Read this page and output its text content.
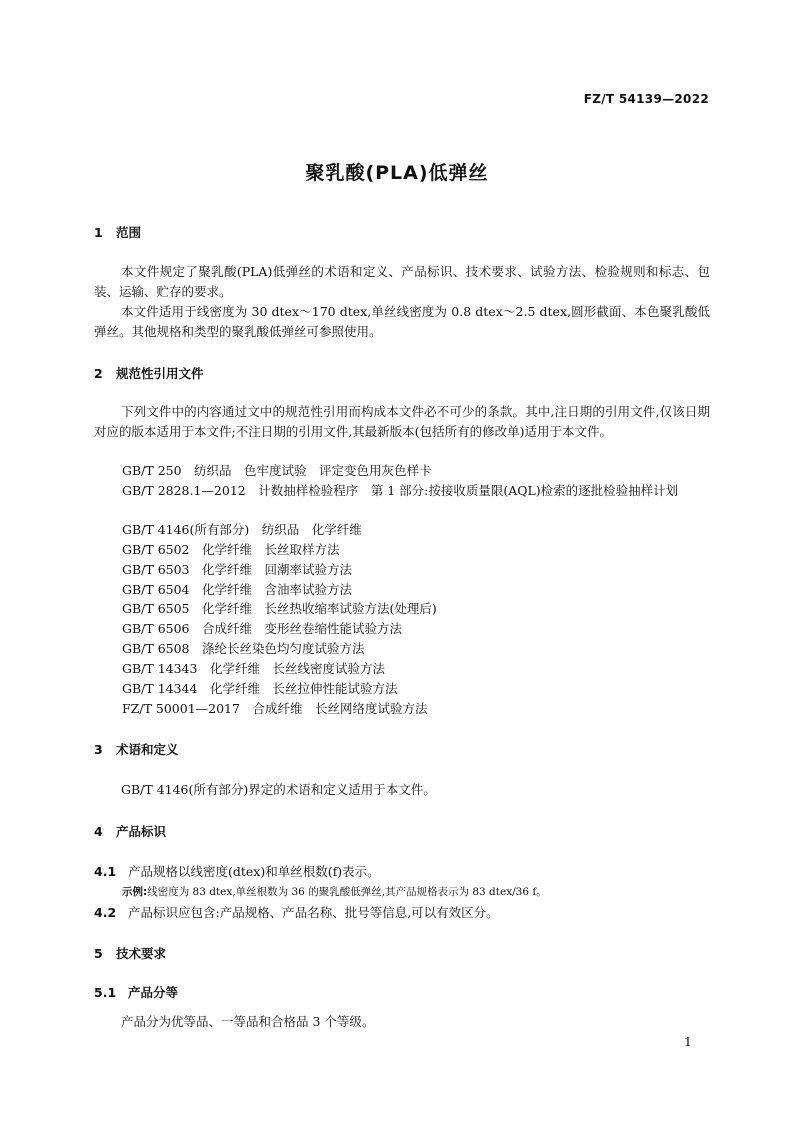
FZ/T 54139—2022
聚乳酸(PLA)低弹丝
1 范围
本文件规定了聚乳酸(PLA)低弹丝的术语和定义、产品标识、技术要求、试验方法、检验规则和标志、包装、运输、贮存的要求。
本文件适用于线密度为 30 dtex～170 dtex,单丝线密度为 0.8 dtex～2.5 dtex,圆形截面、本色聚乳酸低弹丝。其他规格和类型的聚乳酸低弹丝可参照使用。
2 规范性引用文件
下列文件中的内容通过文中的规范性引用而构成本文件必不可少的条款。其中,注日期的引用文件,仅该日期对应的版本适用于本文件;不注日期的引用文件,其最新版本(包括所有的修改单)适用于本文件。
GB/T 250　纺织品　色牢度试验　评定变色用灰色样卡
GB/T 2828.1—2012　计数抽样检验程序　第 1 部分:按接收质量限(AQL)检索的逐批检验抽样计划
GB/T 4146(所有部分)　纺织品　化学纤维
GB/T 6502　化学纤维　长丝取样方法
GB/T 6503　化学纤维　回潮率试验方法
GB/T 6504　化学纤维　含油率试验方法
GB/T 6505　化学纤维　长丝热收缩率试验方法(处理后)
GB/T 6506　合成纤维　变形丝卷缩性能试验方法
GB/T 6508　涤纶长丝染色均匀度试验方法
GB/T 14343　化学纤维　长丝线密度试验方法
GB/T 14344　化学纤维　长丝拉伸性能试验方法
FZ/T 50001—2017　合成纤维　长丝网络度试验方法
3 术语和定义
GB/T 4146(所有部分)界定的术语和定义适用于本文件。
4 产品标识
4.1 产品规格以线密度(dtex)和单丝根数(f)表示。
示例:线密度为 83 dtex,单丝根数为 36 的聚乳酸低弹丝,其产品规格表示为 83 dtex/36 f。
4.2 产品标识应包含:产品规格、产品名称、批号等信息,可以有效区分。
5 技术要求
5.1 产品分等
产品分为优等品、一等品和合格品 3 个等级。
1
